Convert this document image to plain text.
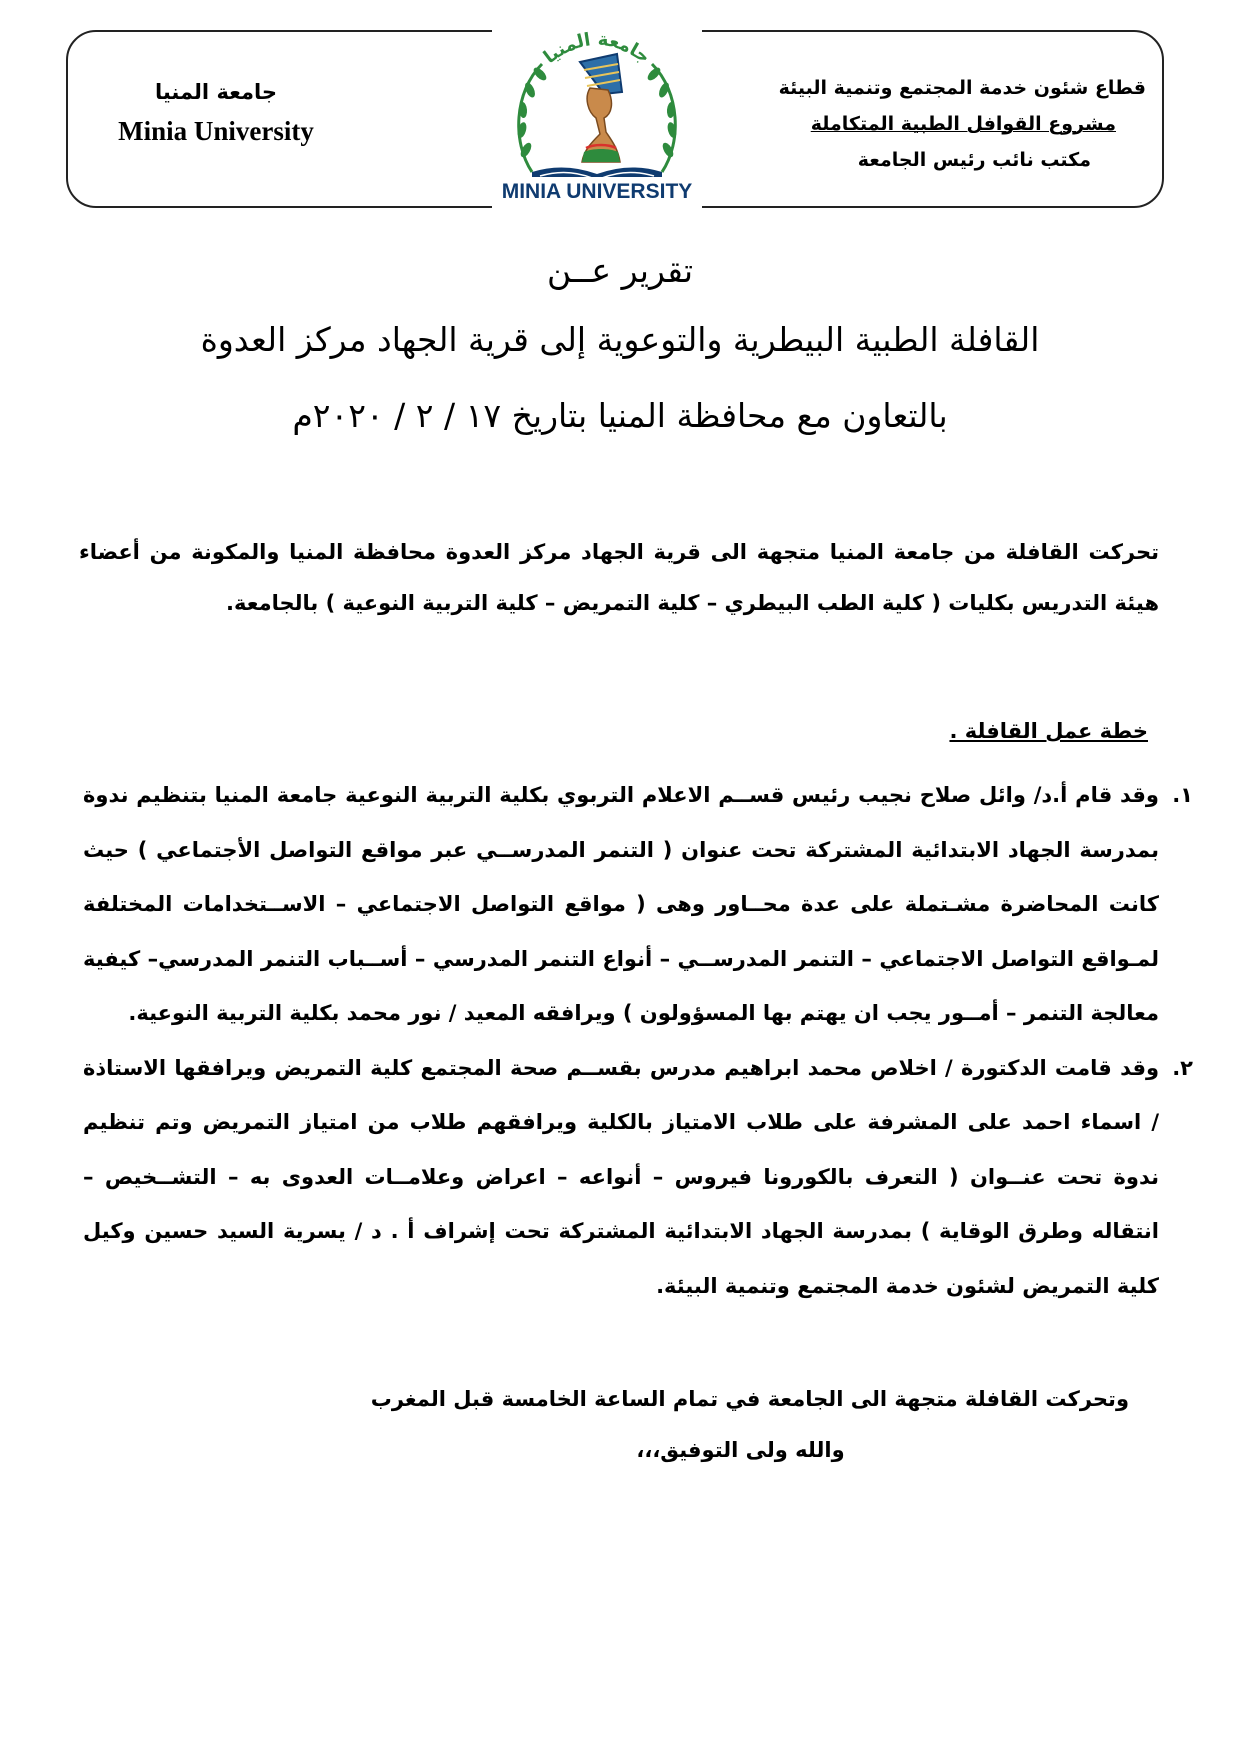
جامعة المنيا
Minia University
قطاع شئون خدمة المجتمع وتنمية البيئة
مشروع القوافل الطبية المتكاملة
مكتب نائب رئيس الجامعة
جامعة المنيا
MINIA UNIVERSITY
تقرير عــن
القافلة الطبية البيطرية والتوعوية إلى قرية الجهاد مركز العدوة
بالتعاون مع محافظة المنيا بتاريخ ١٧ / ٢ / ٢٠٢٠م
تحركت القافلة من جامعة المنيا متجهة الى قرية الجهاد مركز العدوة محافظة المنيا والمكونة من أعضاء هيئة التدريس بكليات ( كلية الطب البيطري – كلية التمريض – كلية التربية النوعية ) بالجامعة.
خطة عمل القافلة .
١.
وقد قام أ.د/ وائل صلاح نجيب رئيس قســم الاعلام التربوي بكلية التربية النوعية جامعة المنيا بتنظيم ندوة بمدرسة الجهاد الابتدائية المشتركة تحت عنوان ( التنمر المدرســي عبر مواقع التواصل الأجتماعي ) حيث كانت المحاضرة مشـتملة على عدة محــاور وهى ( مواقع التواصل الاجتماعي – الاســتخدامات المختلفة لمـواقع التواصل الاجتماعي – التنمر المدرســي – أنواع التنمر المدرسي – أســباب التنمر المدرسي– كيفية معالجة التنمر – أمــور يجب ان يهتم بها المسؤولون ) ويرافقه المعيد / نور محمد بكلية التربية النوعية.
٢.
وقد قامت الدكتورة / اخلاص محمد ابراهيم مدرس بقســم صحة المجتمع كلية التمريض ويرافقها الاستاذة / اسماء احمد على المشرفة على طلاب الامتياز بالكلية ويرافقهم طلاب من امتياز التمريض وتم تنظيم ندوة تحت عنــوان ( التعرف بالكورونا فيروس – أنواعه – اعراض وعلامــات العدوى به – التشــخيص – انتقاله وطرق الوقاية ) بمدرسة الجهاد الابتدائية المشتركة تحت إشراف أ . د / يسرية السيد حسين وكيل كلية التمريض لشئون خدمة المجتمع وتنمية البيئة.
وتحركت القافلة متجهة الى الجامعة في تمام الساعة الخامسة قبل المغرب
والله ولى التوفيق،،،
